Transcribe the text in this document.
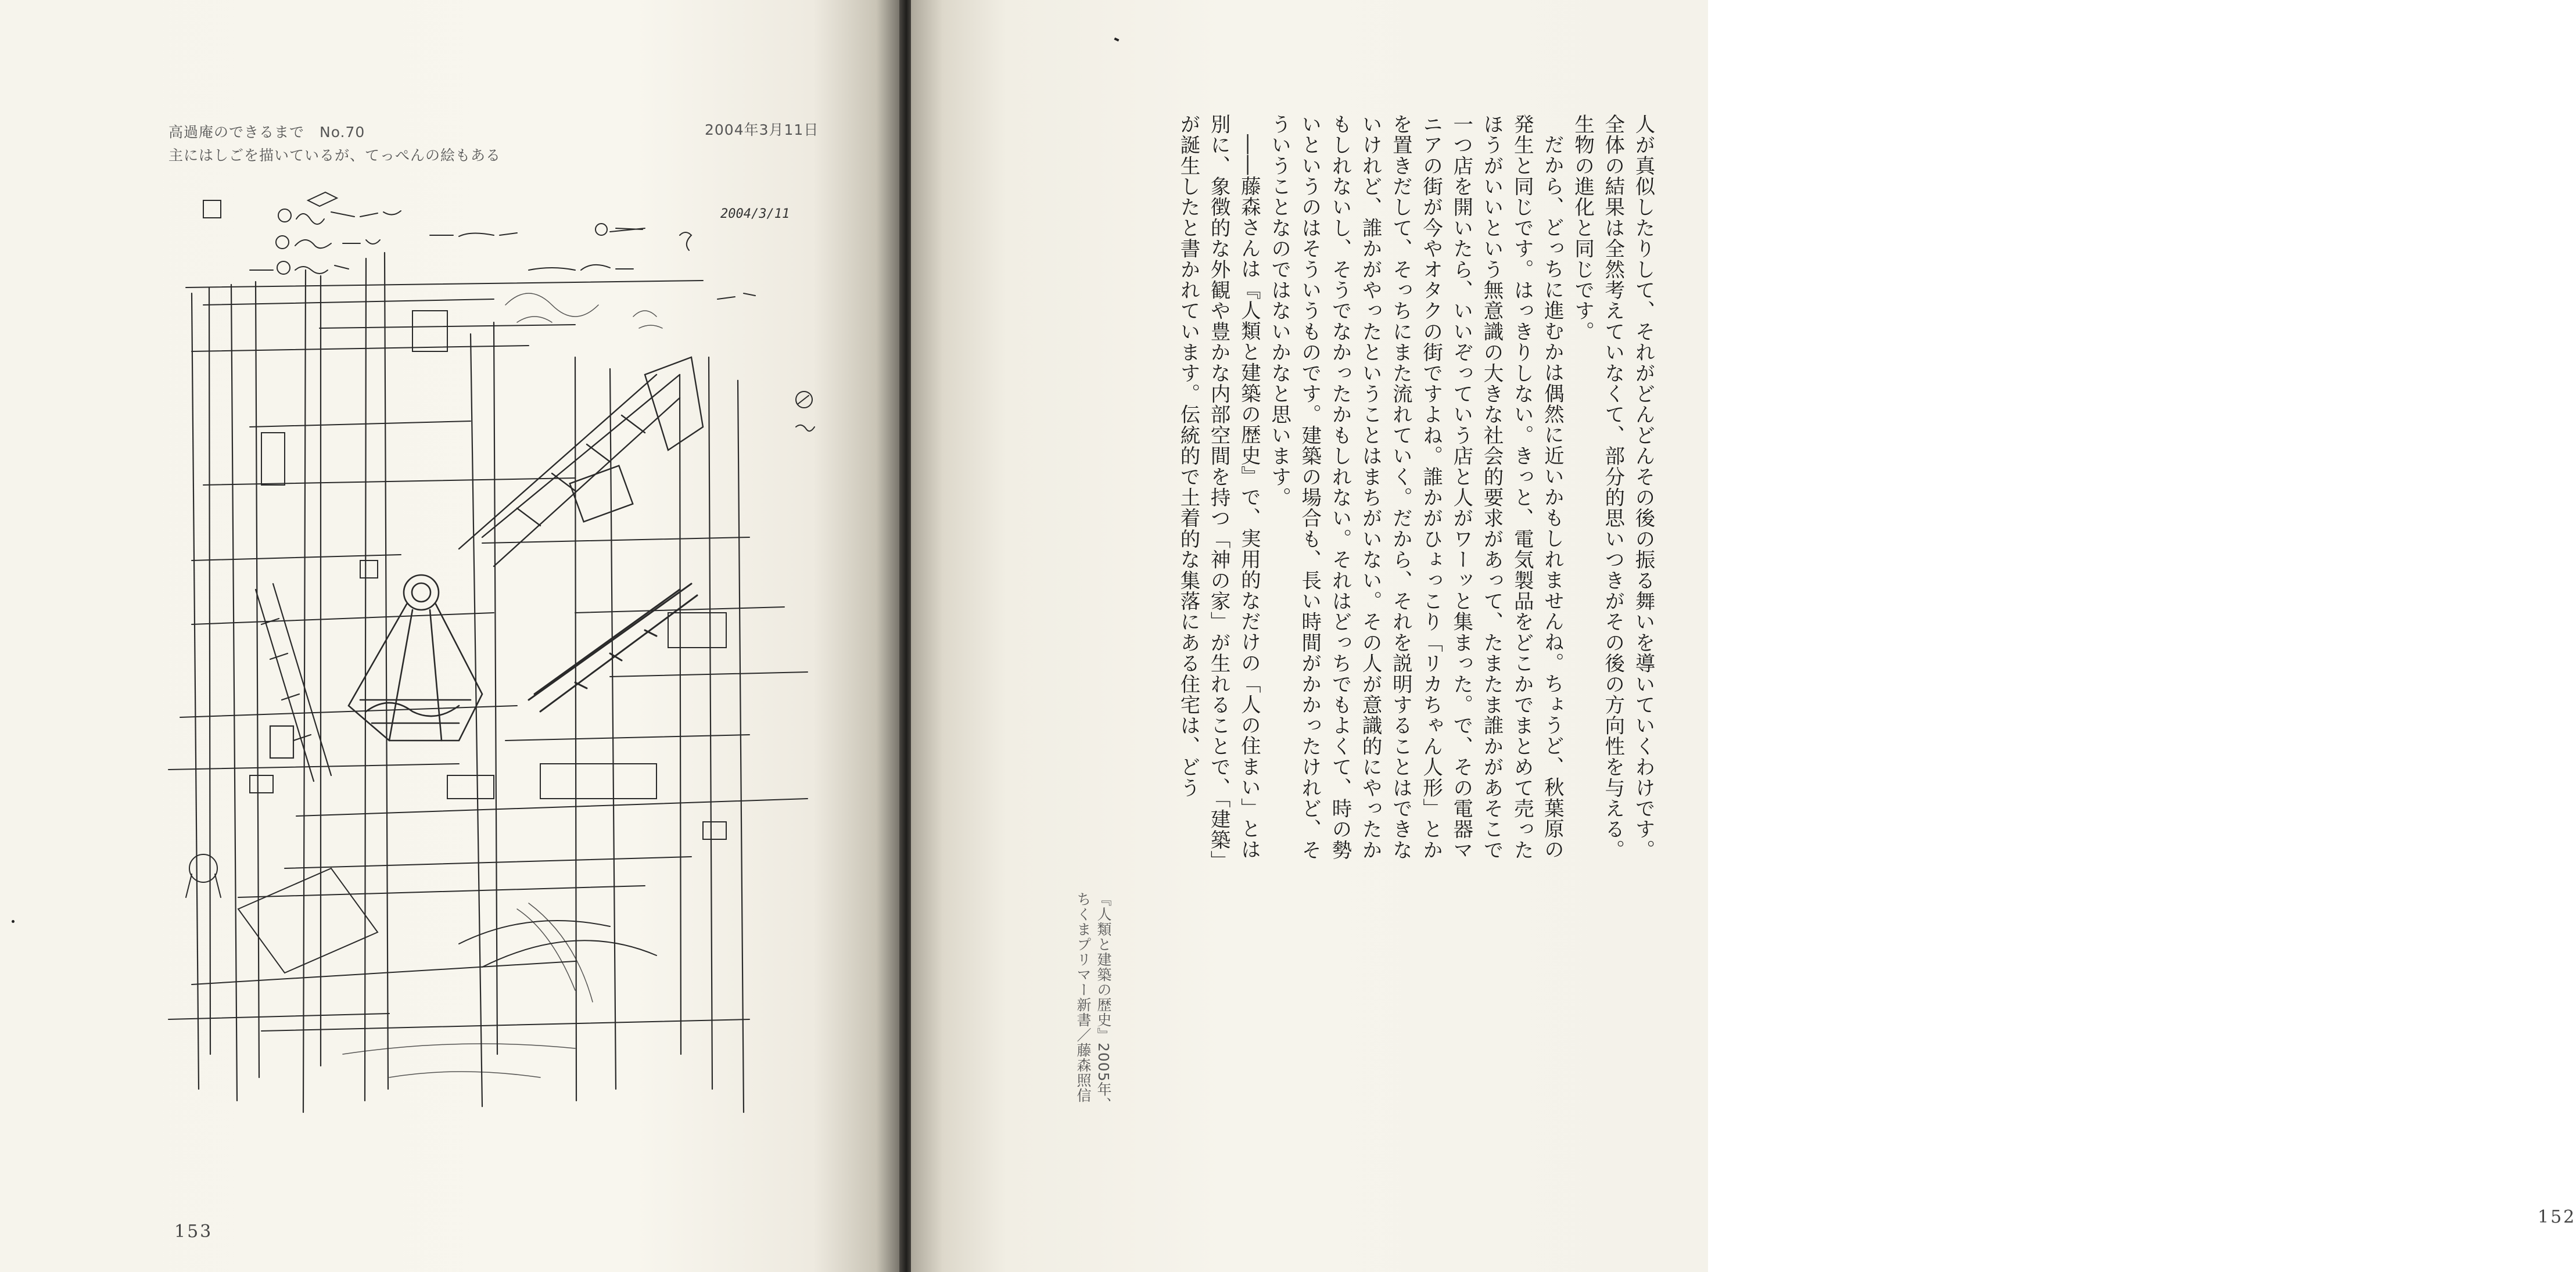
高過庵のできるまで　No.70	2004年3月11日
主にはしごを描いているが、てっぺんの絵もある
2004/3/11
153
152

人が真似したりして、それがどんどんその後の振る舞いを導いていくわけです。全体の結果は全然考えていなくて、部分的思いつきがその後の方向性を与える。生物の進化と同じです。

だから、どっちに進むかは偶然に近いかもしれませんね。ちょうど、秋葉原の発生と同じです。はっきりしない。きっと、電気製品をどこかでまとめて売ったほうがいいという無意識の大きな社会的要求があって、たまたま誰かがあそこで一つ店を開いたら、いいぞっていう店と人がワーッと集まった。で、その電器マニアの街が今やオタクの街ですよね。誰かがひょっこり「リカちゃん人形」とかを置きだして、そっちにまた流れていく。だから、それを説明することはできないけれど、誰かがやったということはまちがいない。その人が意識的にやったかもしれないし、そうでなかったかもしれない。それはどっちでもよくて、時の勢いというのはそういうものです。建築の場合も、長い時間がかかったけれど、そういうことなのではないかなと思います。

――藤森さんは『人類と建築の歴史』で、実用的なだけの「人の住まい」とは別に、象徴的な外観や豊かな内部空間を持つ「神の家」が生れることで、「建築」が誕生したと書かれています。伝統的で土着的な集落にある住宅は、どう

『人類と建築の歴史』2005年、
ちくまプリマー新書／藤森照信
